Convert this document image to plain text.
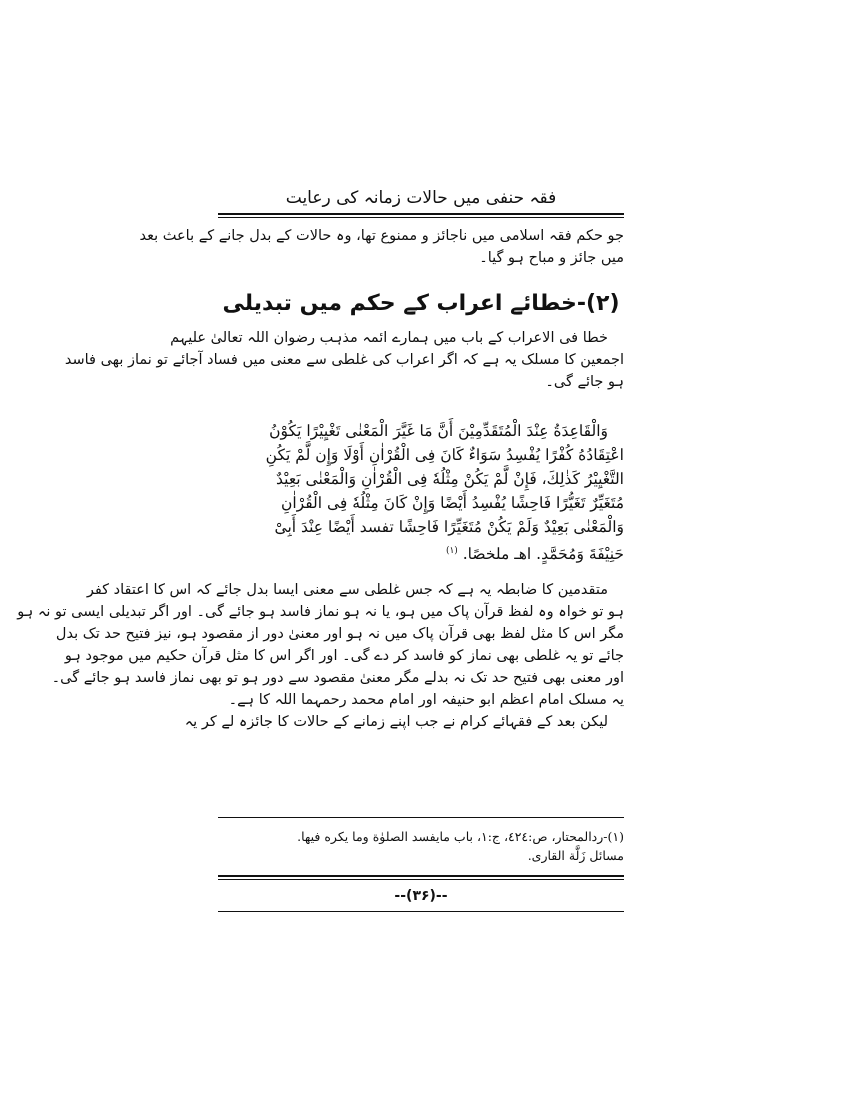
فقہ حنفی میں حالات زمانہ کی رعایت
جو حکم فقہ اسلامی میں ناجائز و ممنوع تھا، وہ حالات کے بدل جانے کے باعث بعد
میں جائز و مباح ہو گیا۔
(۲)-خطائے اعراب کے حکم میں تبدیلی
خطا فی الاعراب کے باب میں ہمارے ائمہ مذہب رضوان اللہ تعالیٰ علیہم
اجمعین کا مسلک یہ ہے کہ اگر اعراب کی غلطی سے معنی میں فساد آجائے تو نماز بھی فاسد
ہو جائے گی۔
وَالْقَاعِدَةُ عِنْدَ الْمُتَقَدِّمِيْنَ أَنَّ مَا غَيَّرَ الْمَعْنٰى تَغْيِيْرًا يَكُوْنُ
اعْتِقَادُهُ كُفْرًا يُفْسِدُ سَوَاءٌ كَانَ فِى الْقُرْاٰنِ أَوْلَا وَإِن لَّمْ يَكُنِ
التَّغْيِيْرُ كَذٰلِكَ، فَإِنْ لَّمْ يَكُنْ مِثْلُهٗ فِى الْقُرْاٰنِ وَالْمَعْنٰى بَعِيْدٌ
مُتَغَيِّرٌ تَغَيُّرًا فَاحِشًا يُفْسِدُ أَيْضًا وَإِنْ كَانَ مِثْلُهٗ فِى الْقُرْاٰنِ
وَالْمَعْنٰى بَعِيْدٌ وَلَمْ يَكُنْ مُتَغَيِّرًا فَاحِشًا تفسد أَيْضًا عِنْدَ أَبِىْ
حَنِيْفَةَ وَمُحَمَّدٍ. اهـ ملخصًا. $^{(۱)}$
متقدمین کا ضابطہ یہ ہے کہ جس غلطی سے معنی ایسا بدل جائے کہ اس کا اعتقاد کفر
ہو تو خواہ وہ لفظ قرآن پاک میں ہو، یا نہ ہو نماز فاسد ہو جائے گی۔ اور اگر تبدیلی ایسی تو نہ ہو
مگر اس کا مثل لفظ بھی قرآن پاک میں نہ ہو اور معنیٰ دور از مقصود ہو، نیز فتیح حد تک بدل
جائے تو یہ غلطی بھی نماز کو فاسد کر دے گی۔ اور اگر اس کا مثل قرآن حکیم میں موجود ہو
اور معنی بھی فتیح حد تک نہ بدلے مگر معنیٰ مقصود سے دور ہو تو بھی نماز فاسد ہو جائے گی۔
یہ مسلک امام اعظم ابو حنیفہ اور امام محمد رحمہما اللہ کا ہے۔
لیکن بعد کے فقہائے کرام نے جب اپنے زمانے کے حالات کا جائزہ لے کر یہ
(۱)-ردالمحتار، ص:٤٢٤، ج:١، باب مايفسد الصلوٰة وما يكره فيها.
مسائل زَلَّة القارى.
--(۳۶)--
